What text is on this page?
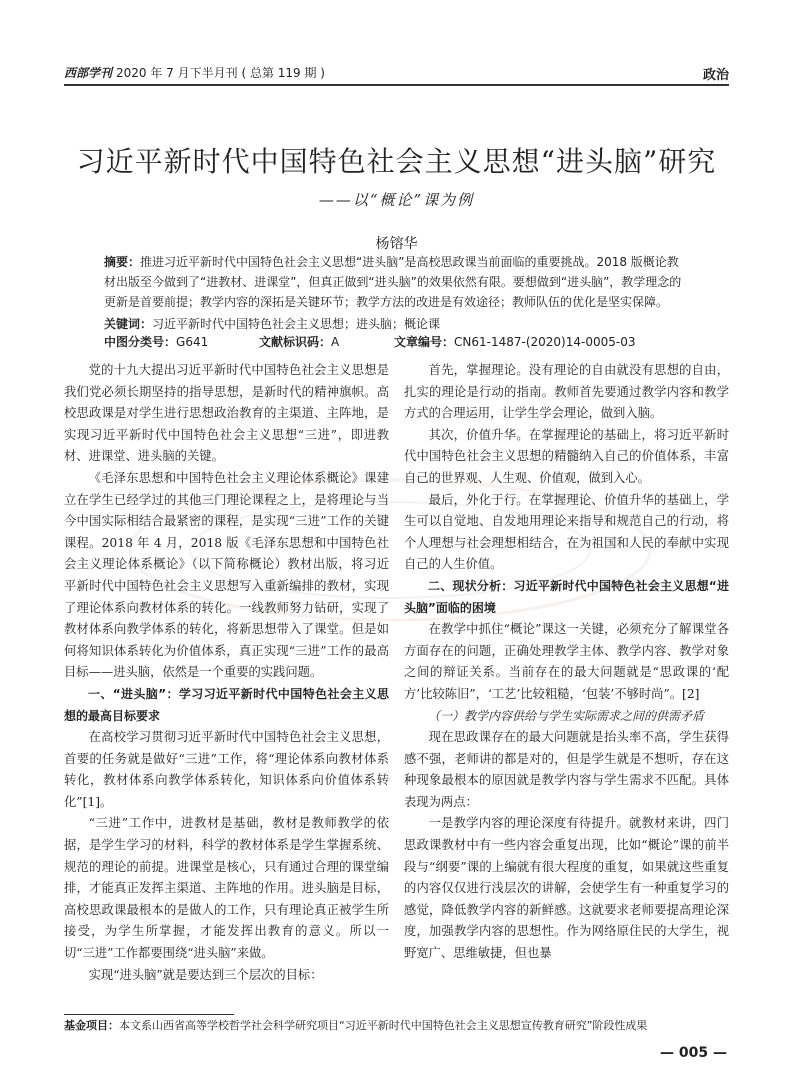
西部学刊 2020 年 7 月下半月刊 ( 总第 119 期 )	政治
习近平新时代中国特色社会主义思想“进头脑”研究
——以“概论”课为例
杨镕华
摘要：推进习近平新时代中国特色社会主义思想“进头脑”是高校思政课当前面临的重要挑战。2018 版概论教材出版至今做到了“进教材、进课堂”，但真正做到“进头脑”的效果依然有限。要想做到“进头脑”，教学理念的更新是首要前提；教学内容的深拓是关键环节；教学方法的改进是有效途径；教师队伍的优化是坚实保障。
关键词：习近平新时代中国特色社会主义思想；进头脑；概论课
中图分类号：G641	文献标识码：A	文章编号：CN61-1487-(2020)14-0005-03

党的十九大提出习近平新时代中国特色社会主义思想是我们党必须长期坚持的指导思想，是新时代的精神旗帜。高校思政课是对学生进行思想政治教育的主渠道、主阵地，是实现习近平新时代中国特色社会主义思想“三进”，即进教材、进课堂、进头脑的关键。

《毛泽东思想和中国特色社会主义理论体系概论》课建立在学生已经学过的其他三门理论课程之上，是将理论与当今中国实际相结合最紧密的课程，是实现“三进”工作的关键课程。2018 年 4 月，2018 版《毛泽东思想和中国特色社会主义理论体系概论》（以下简称概论）教材出版，将习近平新时代中国特色社会主义思想写入重新编排的教材，实现了理论体系向教材体系的转化。一线教师努力钻研，实现了教材体系向教学体系的转化，将新思想带入了课堂。但是如何将知识体系转化为价值体系，真正实现“三进”工作的最高目标——进头脑，依然是一个重要的实践问题。

一、“进头脑”：学习习近平新时代中国特色社会主义思想的最高目标要求

在高校学习贯彻习近平新时代中国特色社会主义思想，首要的任务就是做好“三进”工作，将“理论体系向教材体系转化，教材体系向教学体系转化，知识体系向价值体系转化”[1]。

“三进”工作中，进教材是基础，教材是教师教学的依据，是学生学习的材料，科学的教材体系是学生掌握系统、规范的理论的前提。进课堂是核心，只有通过合理的课堂编排，才能真正发挥主渠道、主阵地的作用。进头脑是目标，高校思政课最根本的是做人的工作，只有理论真正被学生所接受，为学生所掌握，才能发挥出教育的意义。所以一切“三进”工作都要围绕“进头脑”来做。

实现“进头脑”就是要达到三个层次的目标：

首先，掌握理论。没有理论的自由就没有思想的自由，扎实的理论是行动的指南。教师首先要通过教学内容和教学方式的合理运用，让学生学会理论，做到入脑。

其次，价值升华。在掌握理论的基础上，将习近平新时代中国特色社会主义思想的精髓纳入自己的价值体系，丰富自己的世界观、人生观、价值观，做到入心。

最后，外化于行。在掌握理论、价值升华的基础上，学生可以自觉地、自发地用理论来指导和规范自己的行动，将个人理想与社会理想相结合，在为祖国和人民的奉献中实现自己的人生价值。

二、现状分析：习近平新时代中国特色社会主义思想“进头脑”面临的困境

在教学中抓住“概论”课这一关键，必须充分了解课堂各方面存在的问题，正确处理教学主体、教学内容、教学对象之间的辩证关系。当前存在的最大问题就是“思政课的‘配方’比较陈旧”，‘工艺’比较粗糙，‘包装’不够时尚”。[2]

（一）教学内容供给与学生实际需求之间的供需矛盾

现在思政课存在的最大问题就是抬头率不高，学生获得感不强，老师讲的都是对的，但是学生就是不想听，存在这种现象最根本的原因就是教学内容与学生需求不匹配。具体表现为两点：

一是教学内容的理论深度有待提升。就教材来讲，四门思政课教材中有一些内容会重复出现，比如“概论”课的前半段与“纲要”课的上编就有很大程度的重复，如果就这些重复的内容仅仅进行浅层次的讲解，会使学生有一种重复学习的感觉，降低教学内容的新鲜感。这就要求老师要提高理论深度，加强教学内容的思想性。作为网络原住民的大学生，视野宽广、思维敏捷，但也暴

基金项目：本文系山西省高等学校哲学社会科学研究项目“习近平新时代中国特色社会主义思想宣传教育研究”阶段性成果
— 005 —
